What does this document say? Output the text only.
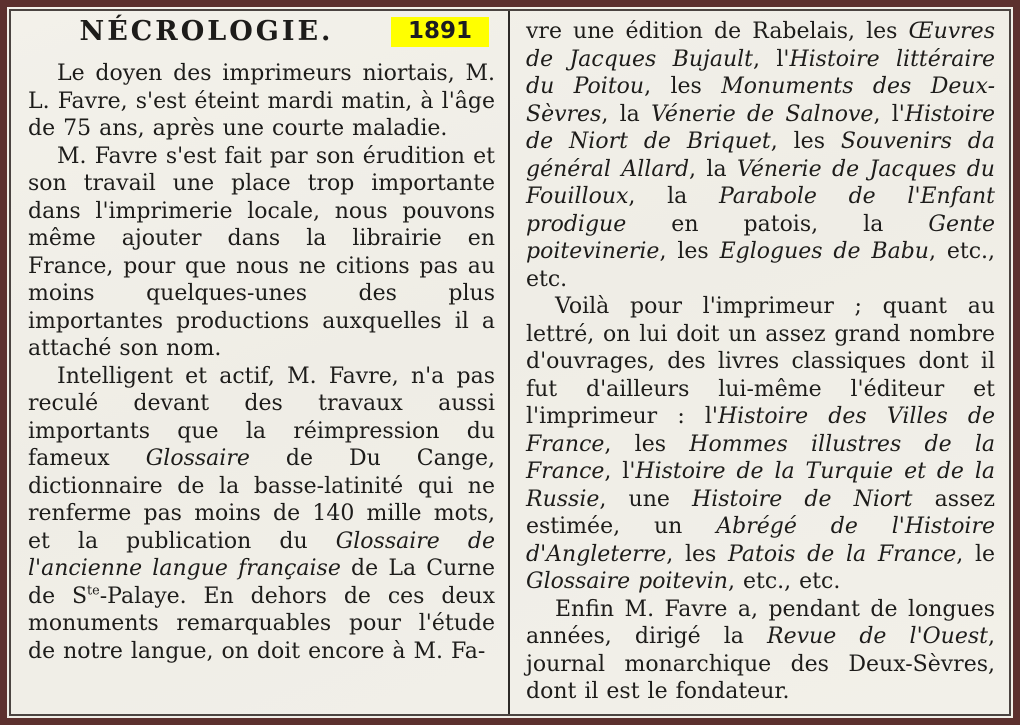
NÉCROLOGIE.	1891

Le doyen des imprimeurs niortais, M. L. Favre, s'est éteint mardi matin, à l'âge de 75 ans, après une courte maladie.

M. Favre s'est fait par son érudition et son travail une place trop importante dans l'imprimerie locale, nous pouvons même ajouter dans la librairie en France, pour que nous ne citions pas au moins quelques-unes des plus importantes productions auxquelles il a attaché son nom.

Intelligent et actif, M. Favre, n'a pas reculé devant des travaux aussi importants que la réimpression du fameux Glossaire de Du Cange, dictionnaire de la basse-latinité qui ne renferme pas moins de 140 mille mots, et la publication du Glossaire de l'ancienne langue française de La Curne de $S^{te}$-Palaye. En dehors de ces deux monuments remarquables pour l'étude de notre langue, on doit encore à M. Fa-

vre une édition de Rabelais, les Œuvres de Jacques Bujault, l'Histoire littéraire du Poitou, les Monuments des Deux-Sèvres, la Vénerie de Salnove, l'Histoire de Niort de Briquet, les Souvenirs da général Allard, la Vénerie de Jacques du Fouilloux, la Parabole de l'Enfant prodigue en patois, la Gente poitevinerie, les Eglogues de Babu, etc., etc.

Voilà pour l'imprimeur ; quant au lettré, on lui doit un assez grand nombre d'ouvrages, des livres classiques dont il fut d'ailleurs lui-même l'éditeur et l'imprimeur : l'Histoire des Villes de France, les Hommes illustres de la France, l'Histoire de la Turquie et de la Russie, une Histoire de Niort assez estimée, un Abrégé de l'Histoire d'Angleterre, les Patois de la France, le Glossaire poitevin, etc., etc.

Enfin M. Favre a, pendant de longues années, dirigé la Revue de l'Ouest, journal monarchique des Deux-Sèvres, dont il est le fondateur.
